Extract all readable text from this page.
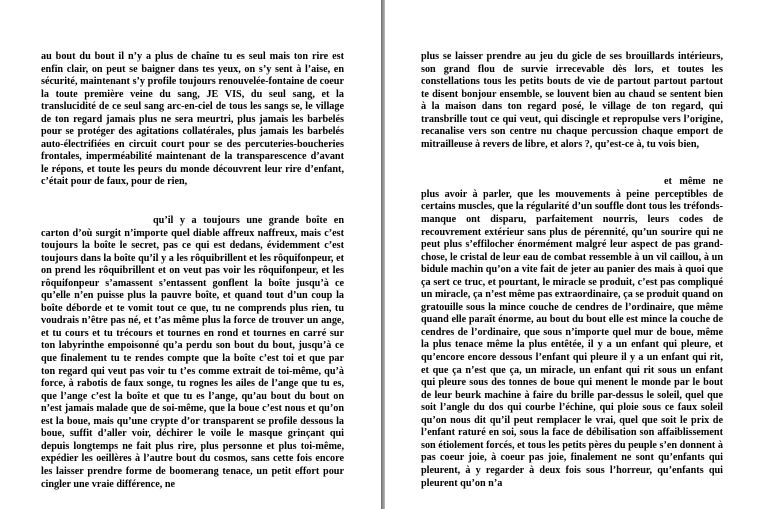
au bout du bout il n’y a plus de chaîne tu es seul mais ton rire est enfin clair, on peut se baigner dans tes yeux, on s’y sent à l’aise, en sécurité, maintenant s’y profile toujours renouvelée-fontaine de coeur la toute première veine du sang, JE VIS, du seul sang, et la translucidité de ce seul sang arc-en-ciel de tous les sangs se, le village de ton regard jamais plus ne sera meurtri, plus jamais les barbelés pour se protéger des agitations collatérales, plus jamais les barbelés auto-électrifiées en circuit court pour se des percuteries-boucheries frontales, imperméabilité maintenant de la transparescence d’avant le répons, et toute les peurs du monde découvrent leur rire d’enfant, c’était pour de faux, pour de rien,

qu’il y a toujours une grande boîte en carton d’où surgit n’importe quel diable affreux naffreux, mais c’est toujours la boîte le secret, pas ce qui est dedans, évidemment c’est toujours dans la boîte qu’il y a les rôquibrillent et les rôquifonpeur, et on prend les rôquibrillent et on veut pas voir les rôquifonpeur, et les rôquifonpeur s’amassent s’entassent gonflent la boîte jusqu’à ce qu’elle n’en puisse plus la pauvre boîte, et quand tout d’un coup la boîte déborde et te vomit tout ce que, tu ne comprends plus rien, tu voudrais n’être pas né, et t’as même plus la force de trouver un ange, et tu cours et tu trécours et tournes en rond et tournes en carré sur ton labyrinthe empoisonné qu’a perdu son bout du bout, jusqu’à ce que finalement tu te rendes compte que la boîte c’est toi et que par ton regard qui veut pas voir tu t’es comme extrait de toi-même, qu’à force, à rabotis de faux songe, tu rognes les ailes de l’ange que tu es, que l’ange c’est la boîte et que tu es l’ange, qu’au bout du bout on n’est jamais malade que de soi-même, que la boue c’est nous et qu’on est la boue, mais qu’une crypte d’or transparent se profile dessous la boue, suffit d’aller voir, déchirer le voile le masque grinçant qui depuis longtemps ne fait plus rire, plus personne et plus toi-même, expédier les oeillères à l’autre bout du cosmos, sans cette fois encore les laisser prendre forme de boomerang tenace, un petit effort pour cingler une vraie différence, ne

plus se laisser prendre au jeu du gicle de ses brouillards intérieurs, son grand flou de survie irrecevable dès lors, et toutes les constellations tous les petits bouts de vie de partout partout partout te disent bonjour ensemble, se louvent bien au chaud se sentent bien à la maison dans ton regard posé, le village de ton regard, qui transbrille tout ce qui veut, qui discingle et repropulse vers l’origine, recanalise vers son centre nu chaque percussion chaque emport de mitrailleuse à revers de libre, et alors ?, qu’est-ce à, tu vois bien,

et même ne plus avoir à parler, que les mouvements à peine perceptibles de certains muscles, que la régularité d’un souffle dont tous les tréfonds-manque ont disparu, parfaitement nourris, leurs codes de recouvrement extérieur sans plus de pérennité, qu’un sourire qui ne peut plus s’effilocher énormément malgré leur aspect de pas grand-chose, le cristal de leur eau de combat ressemble à un vil caillou, à un bidule machin qu’on a vite fait de jeter au panier des mais à quoi que ça sert ce truc, et pourtant, le miracle se produit, c’est pas compliqué un miracle, ça n’est même pas extraordinaire, ça se produit quand on gratouille sous la mince couche de cendres de l’ordinaire, que même quand elle paraît énorme, au bout du bout elle est mince la couche de cendres de l’ordinaire, que sous n’importe quel mur de boue, même la plus tenace même la plus entêtée, il y a un enfant qui pleure, et qu’encore encore dessous l’enfant qui pleure il y a un enfant qui rit, et que ça n’est que ça, un miracle, un enfant qui rit sous un enfant qui pleure sous des tonnes de boue qui menent le monde par le bout de leur beurk machine à faire du brille par-dessus le soleil, quel que soit l’angle du dos qui courbe l’échine, qui ploie sous ce faux soleil qu’on nous dit qu’il peut remplacer le vrai, quel que soit le prix de l’enfant raturé en soi, sous la face de débilisation son affaiblissement son étiolement forcés, et tous les petits pères du peuple s’en donnent à pas coeur joie, à coeur pas joie, finalement ne sont qu’enfants qui pleurent, à y regarder à deux fois sous l’horreur, qu’enfants qui pleurent qu’on n’a
